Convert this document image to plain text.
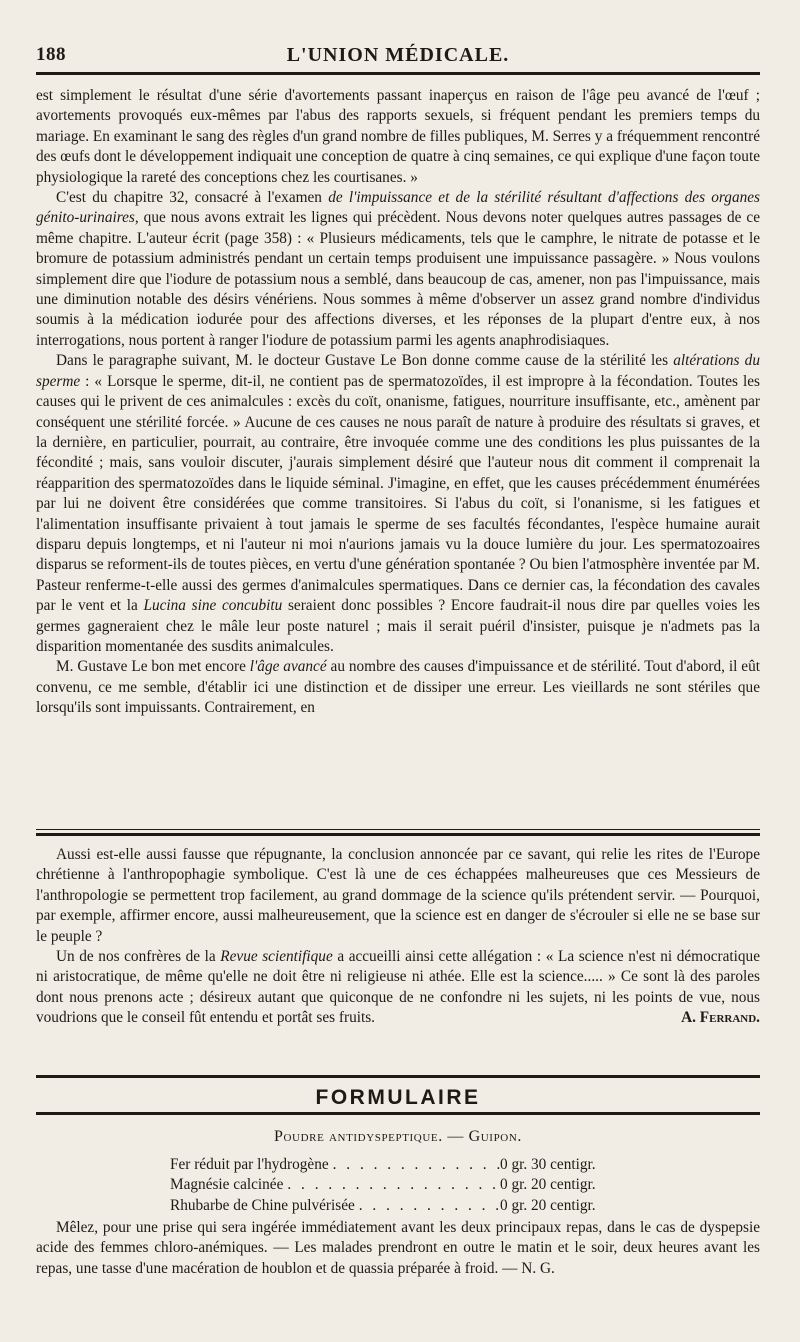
188	L'UNION MÉDICALE.

est simplement le résultat d'une série d'avortements passant inaperçus en raison de l'âge peu avancé de l'œuf ; avortements provoqués eux-mêmes par l'abus des rapports sexuels, si fréquent pendant les premiers temps du mariage. En examinant le sang des règles d'un grand nombre de filles publiques, M. Serres y a fréquemment rencontré des œufs dont le développement indiquait une conception de quatre à cinq semaines, ce qui explique d'une façon toute physiologique la rareté des conceptions chez les courtisanes. »

C'est du chapitre 32, consacré à l'examen de l'impuissance et de la stérilité résultant d'affections des organes génito-urinaires, que nous avons extrait les lignes qui précèdent. Nous devons noter quelques autres passages de ce même chapitre. L'auteur écrit (page 358) : « Plusieurs médicaments, tels que le camphre, le nitrate de potasse et le bromure de potassium administrés pendant un certain temps produisent une impuissance passagère. » Nous voulons simplement dire que l'iodure de potassium nous a semblé, dans beaucoup de cas, amener, non pas l'impuissance, mais une diminution notable des désirs vénériens. Nous sommes à même d'observer un assez grand nombre d'individus soumis à la médication iodurée pour des affections diverses, et les réponses de la plupart d'entre eux, à nos interrogations, nous portent à ranger l'iodure de potassium parmi les agents anaphrodisiaques.

Dans le paragraphe suivant, M. le docteur Gustave Le Bon donne comme cause de la stérilité les altérations du sperme : « Lorsque le sperme, dit-il, ne contient pas de spermatozoïdes, il est impropre à la fécondation. Toutes les causes qui le privent de ces animalcules : excès du coït, onanisme, fatigues, nourriture insuffisante, etc., amènent par conséquent une stérilité forcée. » Aucune de ces causes ne nous paraît de nature à produire des résultats si graves, et la dernière, en particulier, pourrait, au contraire, être invoquée comme une des conditions les plus puissantes de la fécondité ; mais, sans vouloir discuter, j'aurais simplement désiré que l'auteur nous dit comment il comprenait la réapparition des spermatozoïdes dans le liquide séminal. J'imagine, en effet, que les causes précédemment énumérées par lui ne doivent être considérées que comme transitoires. Si l'abus du coït, si l'onanisme, si les fatigues et l'alimentation insuffisante privaient à tout jamais le sperme de ses facultés fécondantes, l'espèce humaine aurait disparu depuis longtemps, et ni l'auteur ni moi n'aurions jamais vu la douce lumière du jour. Les spermatozoaires disparus se reforment-ils de toutes pièces, en vertu d'une génération spontanée ? Ou bien l'atmosphère inventée par M. Pasteur renferme-t-elle aussi des germes d'animalcules spermatiques. Dans ce dernier cas, la fécondation des cavales par le vent et la Lucina sine concubitu seraient donc possibles ? Encore faudrait-il nous dire par quelles voies les germes gagneraient chez le mâle leur poste naturel ; mais il serait puéril d'insister, puisque je n'admets pas la disparition momentanée des susdits animalcules.

M. Gustave Le bon met encore l'âge avancé au nombre des causes d'impuissance et de stérilité. Tout d'abord, il eût convenu, ce me semble, d'établir ici une distinction et de dissiper une erreur. Les vieillards ne sont stériles que lorsqu'ils sont impuissants. Contrairement, en

Aussi est-elle aussi fausse que répugnante, la conclusion annoncée par ce savant, qui relie les rites de l'Europe chrétienne à l'anthropophagie symbolique. C'est là une de ces échappées malheureuses que ces Messieurs de l'anthropologie se permettent trop facilement, au grand dommage de la science qu'ils prétendent servir. — Pourquoi, par exemple, affirmer encore, aussi malheureusement, que la science est en danger de s'écrouler si elle ne se base sur le peuple ?

Un de nos confrères de la Revue scientifique a accueilli ainsi cette allégation : « La science n'est ni démocratique ni aristocratique, de même qu'elle ne doit être ni religieuse ni athée. Elle est la science..... » Ce sont là des paroles dont nous prenons acte ; désireux autant que quiconque de ne confondre ni les sujets, ni les points de vue, nous voudrions que le conseil fût entendu et portât ses fruits.	A. Ferrand.

FORMULAIRE
Poudre antidyspeptique. — Guipon.
Fer réduit par l'hydrogène . . .	0 gr. 30 centigr.
Magnésie calcinée . . .	0 gr. 20 centigr.
Rhubarbe de Chine pulvérisée . . .	0 gr. 20 centigr.

Mêlez, pour une prise qui sera ingérée immédiatement avant les deux principaux repas, dans le cas de dyspepsie acide des femmes chloro-anémiques. — Les malades prendront en outre le matin et le soir, deux heures avant les repas, une tasse d'une macération de houblon et de quassia préparée à froid. — N. G.
